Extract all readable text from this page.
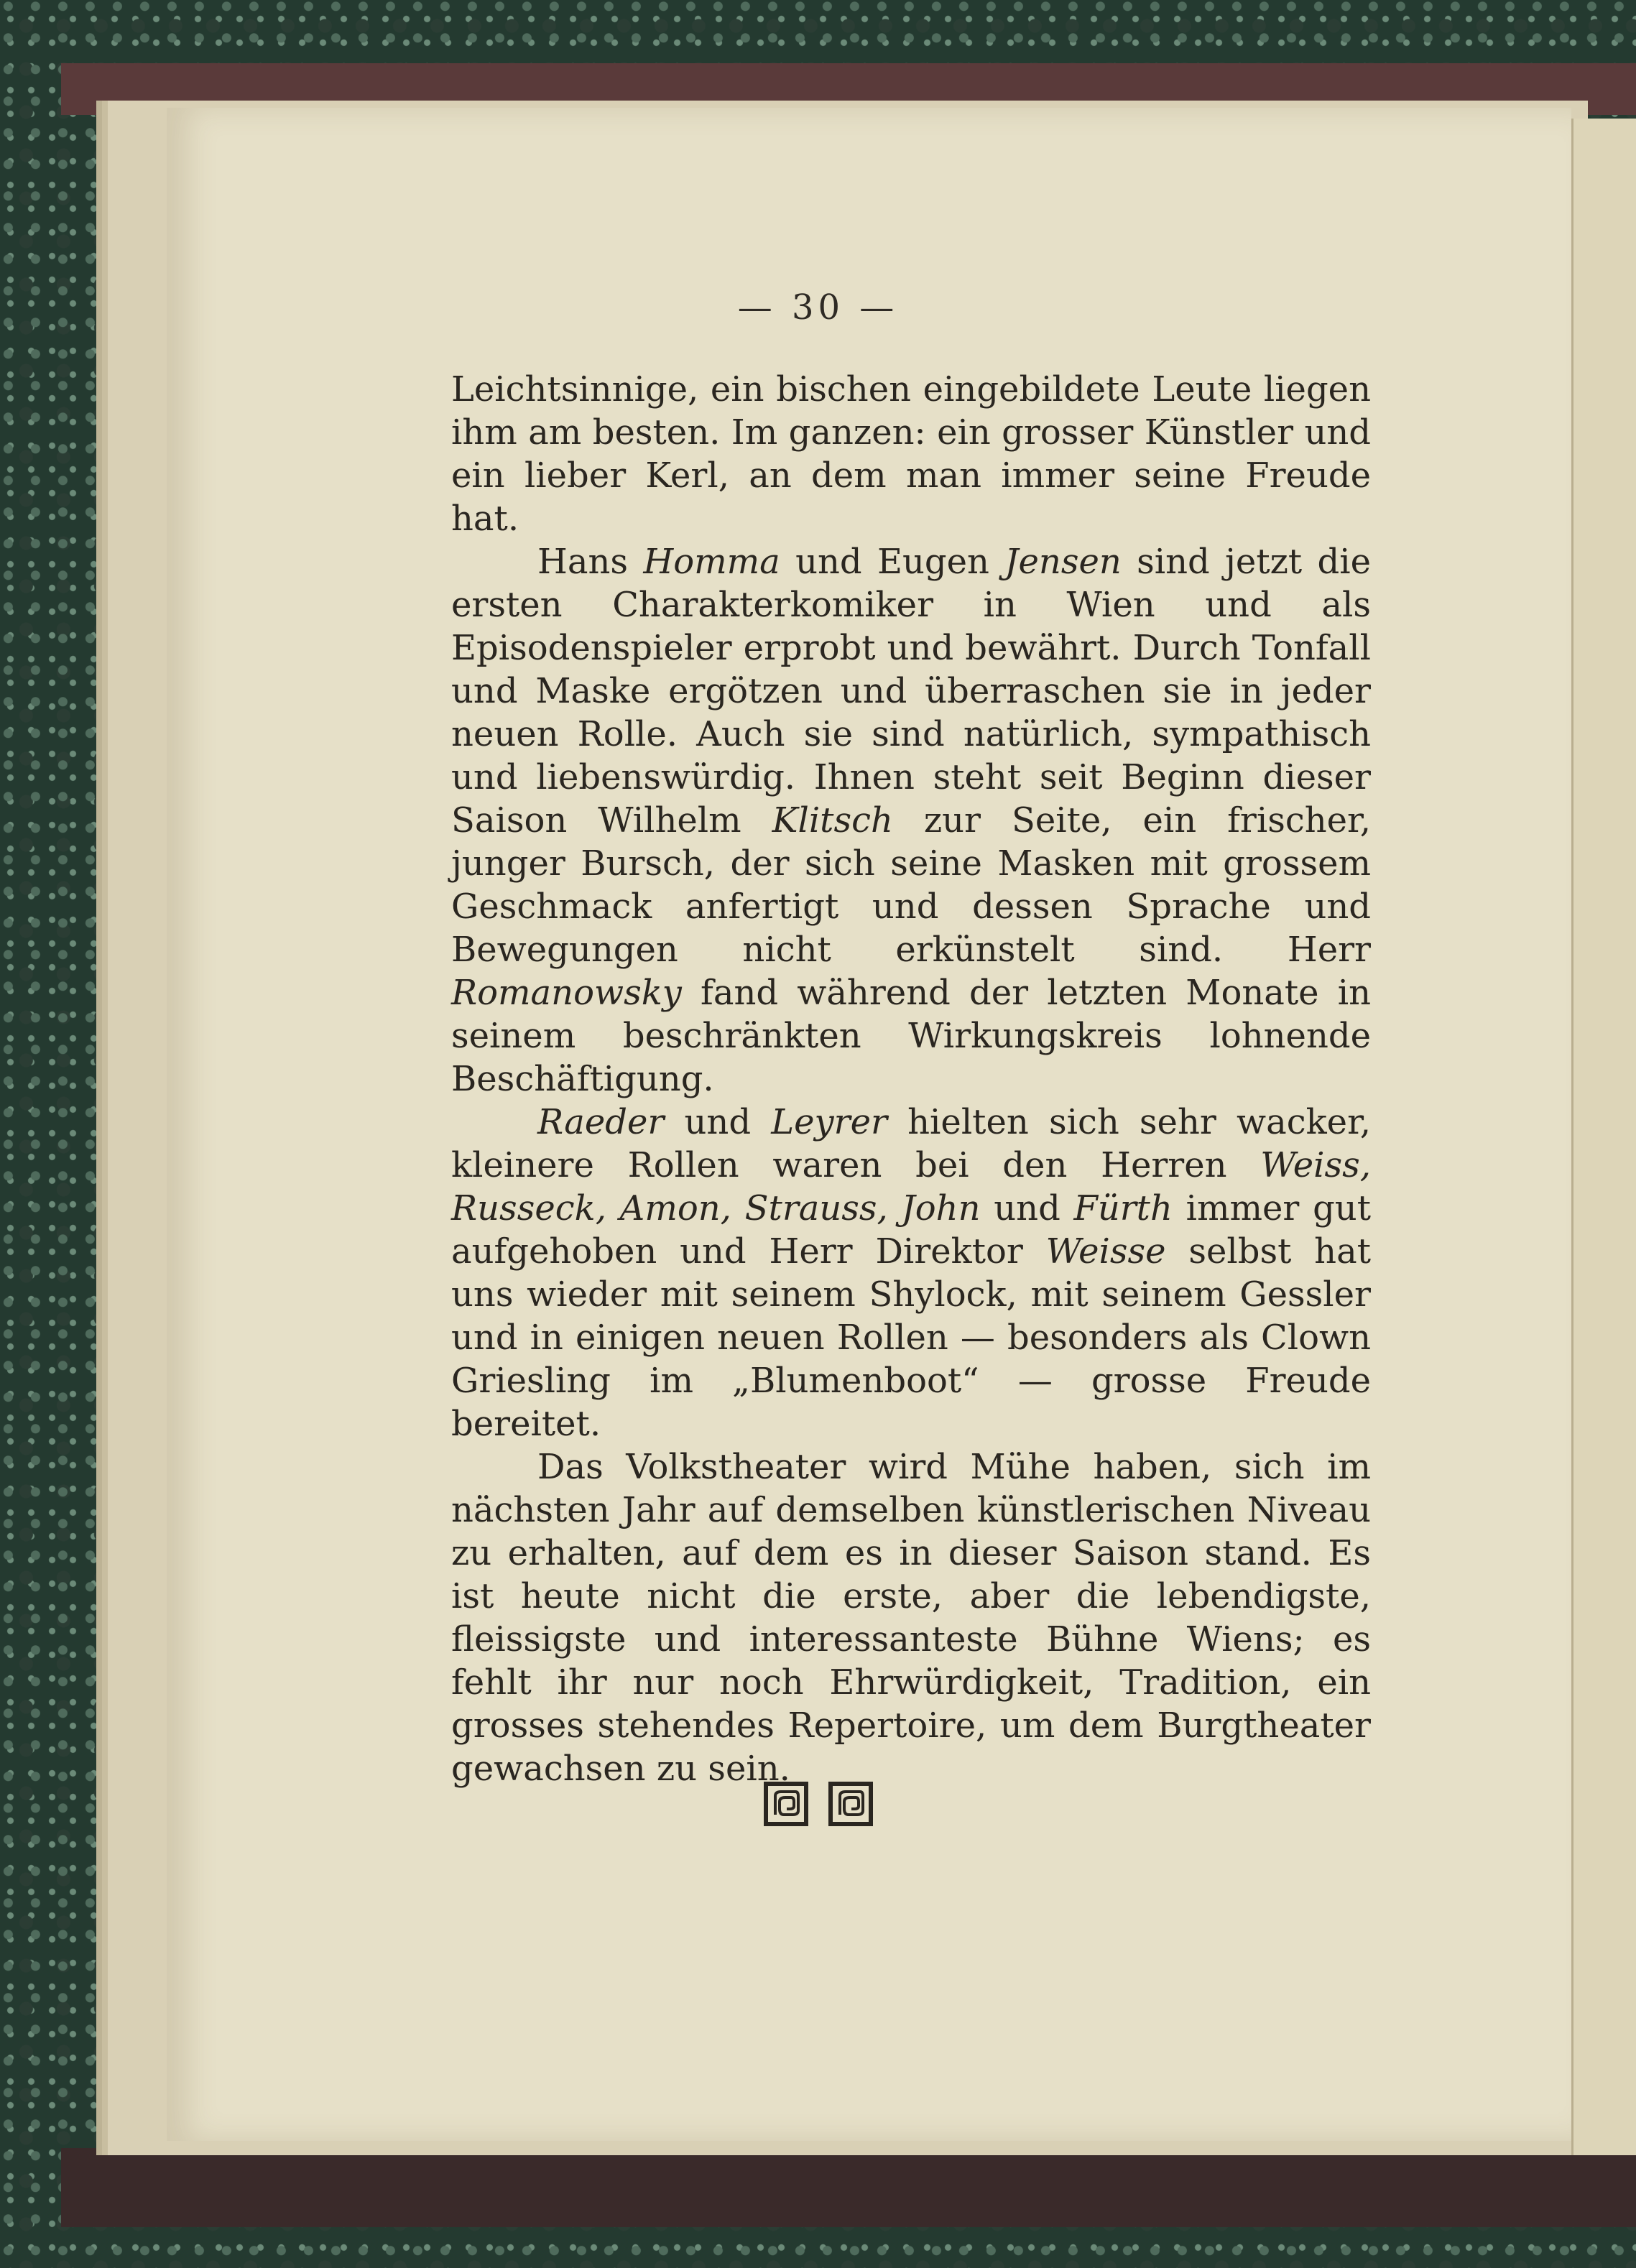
— 30 —

Leichtsinnige, ein bischen eingebildete Leute liegen ihm am besten. Im ganzen: ein grosser Künstler und ein lieber Kerl, an dem man immer seine Freude hat.

Hans Homma und Eugen Jensen sind jetzt die ersten Charakterkomiker in Wien und als Episodenspieler erprobt und bewährt. Durch Tonfall und Maske ergötzen und überraschen sie in jeder neuen Rolle. Auch sie sind natürlich, sympathisch und liebenswürdig. Ihnen steht seit Beginn dieser Saison Wilhelm Klitsch zur Seite, ein frischer, junger Bursch, der sich seine Masken mit grossem Geschmack anfertigt und dessen Sprache und Bewegungen nicht erkünstelt sind. Herr Romanowsky fand während der letzten Monate in seinem beschränkten Wirkungskreis lohnende Beschäftigung.

Raeder und Leyrer hielten sich sehr wacker, kleinere Rollen waren bei den Herren Weiss, Russeck, Amon, Strauss, John und Fürth immer gut aufgehoben und Herr Direktor Weisse selbst hat uns wieder mit seinem Shylock, mit seinem Gessler und in einigen neuen Rollen — besonders als Clown Griesling im „Blumenboot“ — grosse Freude bereitet.

Das Volkstheater wird Mühe haben, sich im nächsten Jahr auf demselben künstlerischen Niveau zu erhalten, auf dem es in dieser Saison stand. Es ist heute nicht die erste, aber die lebendigste, fleissigste und interessanteste Bühne Wiens; es fehlt ihr nur noch Ehrwürdigkeit, Tradition, ein grosses stehendes Repertoire, um dem Burgtheater gewachsen zu sein.
